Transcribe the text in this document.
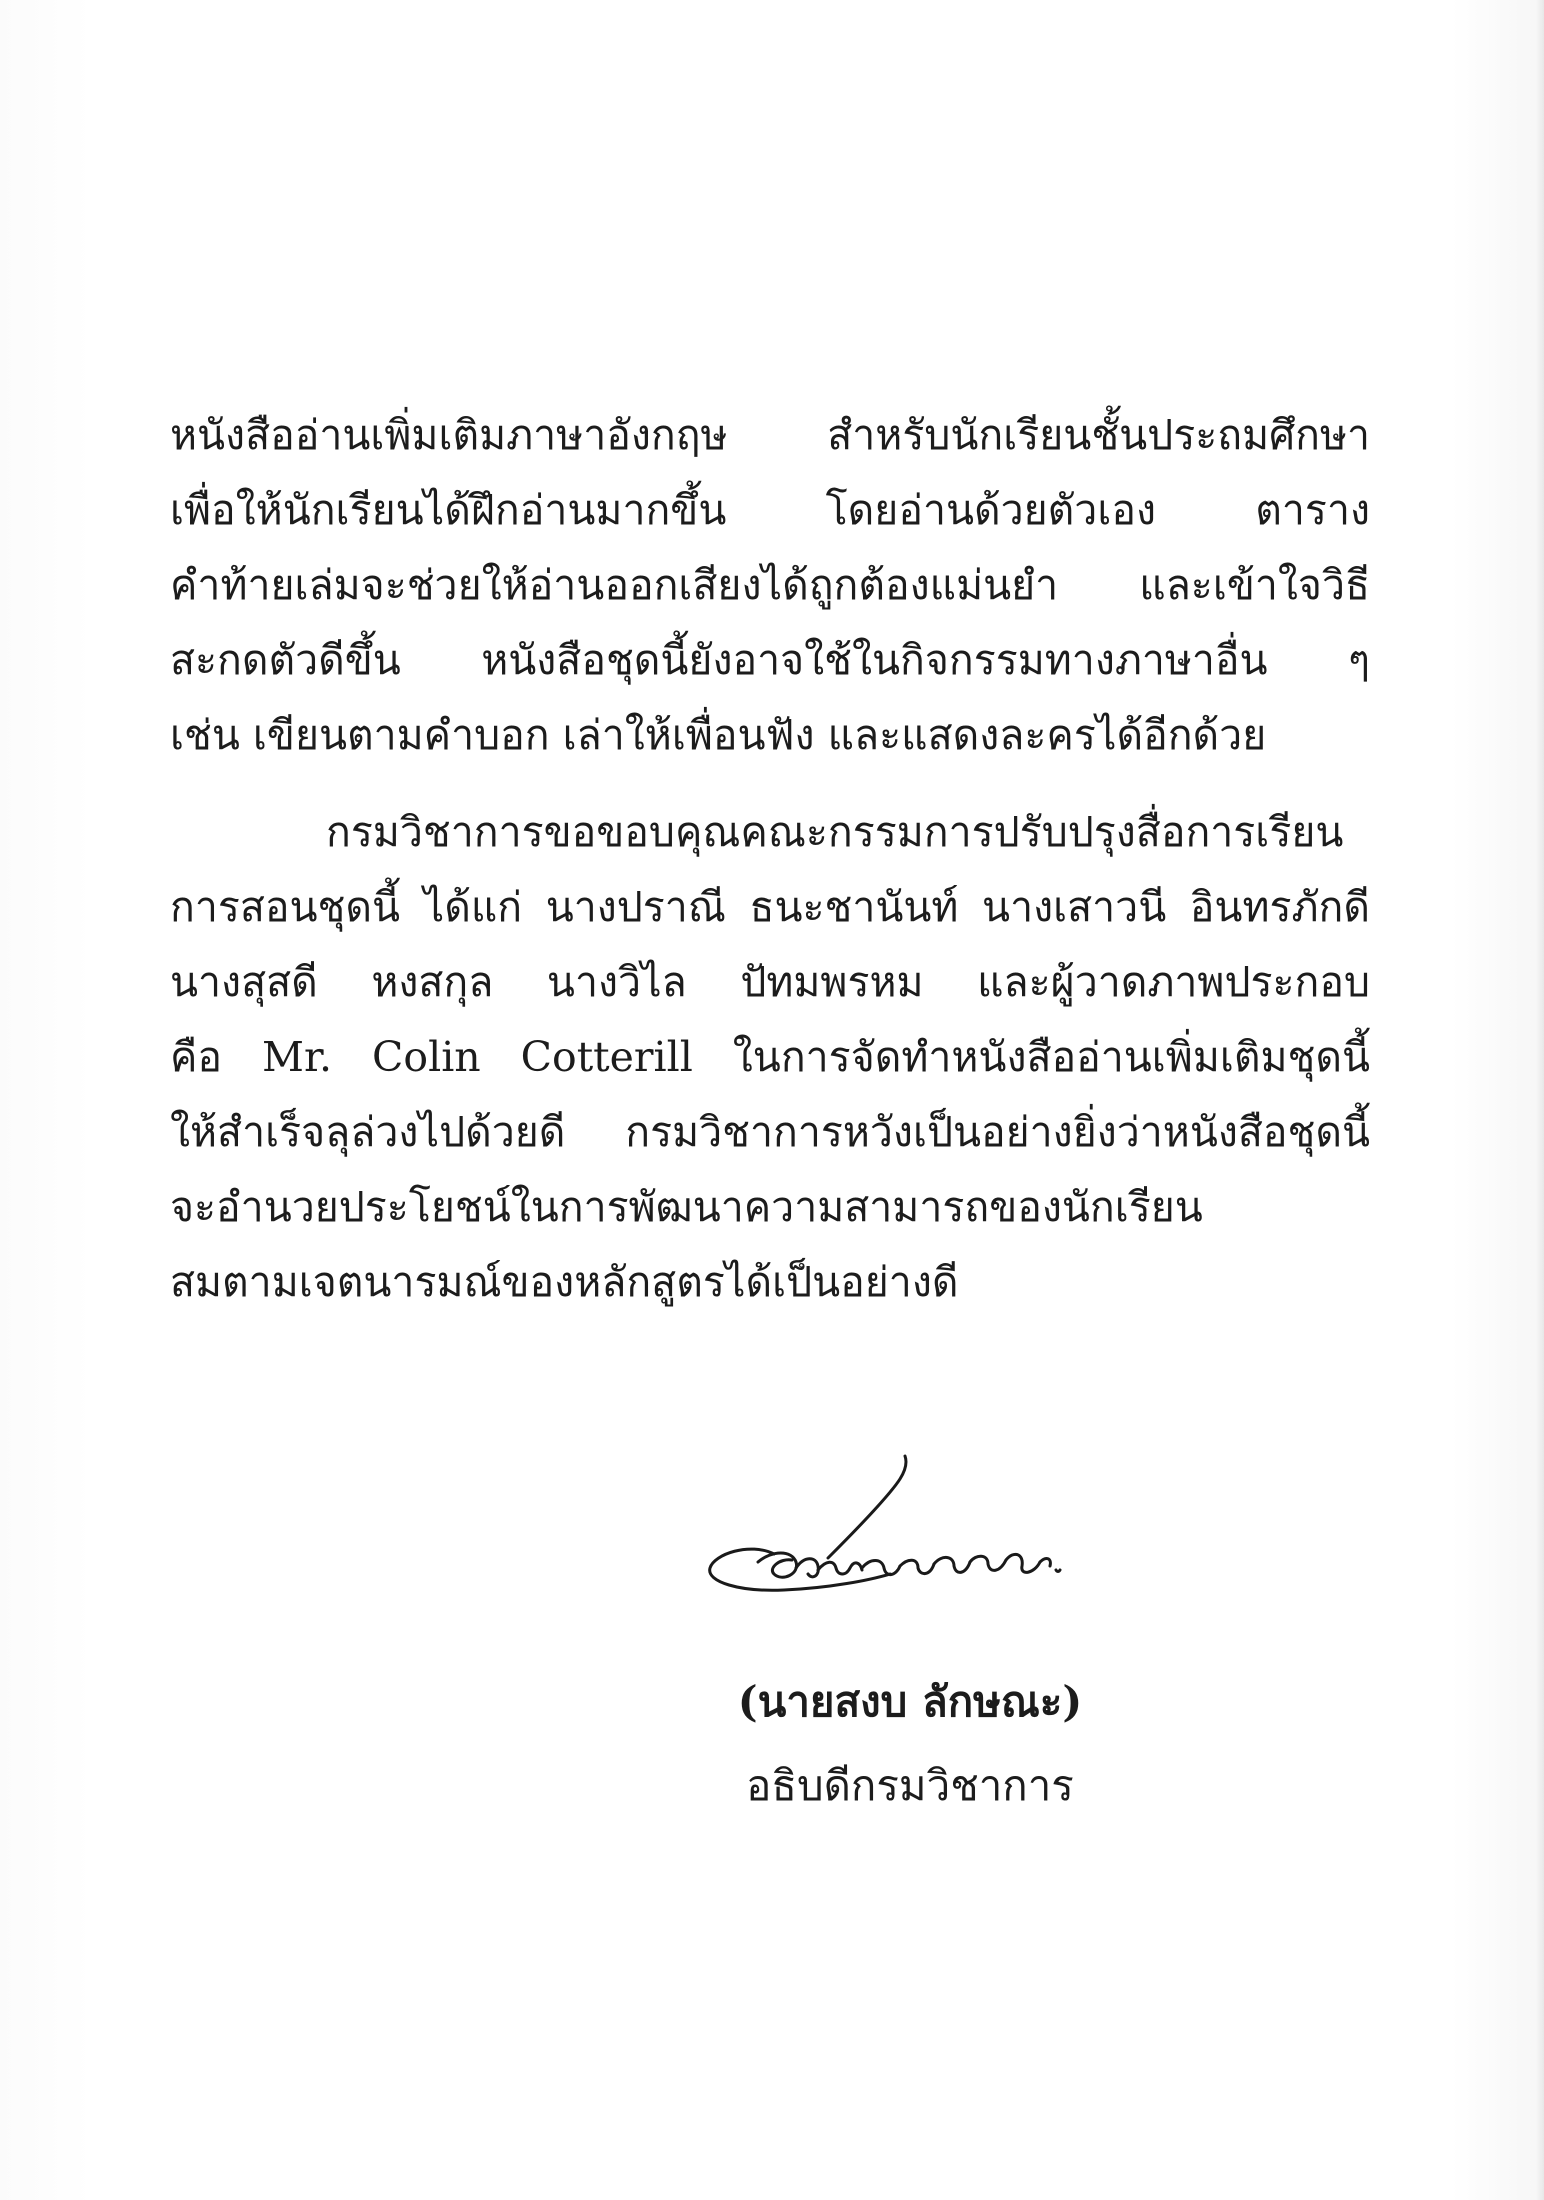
หนังสืออ่านเพิ่มเติมภาษาอังกฤษ สำหรับนักเรียนชั้นประถมศึกษา
เพื่อให้นักเรียนได้ฝึกอ่านมากขึ้น โดยอ่านด้วยตัวเอง ตาราง
คำท้ายเล่มจะช่วยให้อ่านออกเสียงได้ถูกต้องแม่นยำ และเข้าใจวิธี
สะกดตัวดีขึ้น หนังสือชุดนี้ยังอาจใช้ในกิจกรรมทางภาษาอื่น ๆ
เช่น เขียนตามคำบอก เล่าให้เพื่อนฟัง และแสดงละครได้อีกด้วย
กรมวิชาการขอขอบคุณคณะกรรมการปรับปรุงสื่อการเรียน
การสอนชุดนี้ ได้แก่ นางปราณี ธนะชานันท์ นางเสาวนี อินทรภักดี
นางสุสดี หงสกุล นางวิไล ปัทมพรหม และผู้วาดภาพประกอบ
คือ Mr. Colin Cotterill ในการจัดทำหนังสืออ่านเพิ่มเติมชุดนี้
ให้สำเร็จลุล่วงไปด้วยดี กรมวิชาการหวังเป็นอย่างยิ่งว่าหนังสือชุดนี้
จะอำนวยประโยชน์ในการพัฒนาความสามารถของนักเรียน
สมตามเจตนารมณ์ของหลักสูตรได้เป็นอย่างดี
(นายสงบ ลักษณะ)
อธิบดีกรมวิชาการ
